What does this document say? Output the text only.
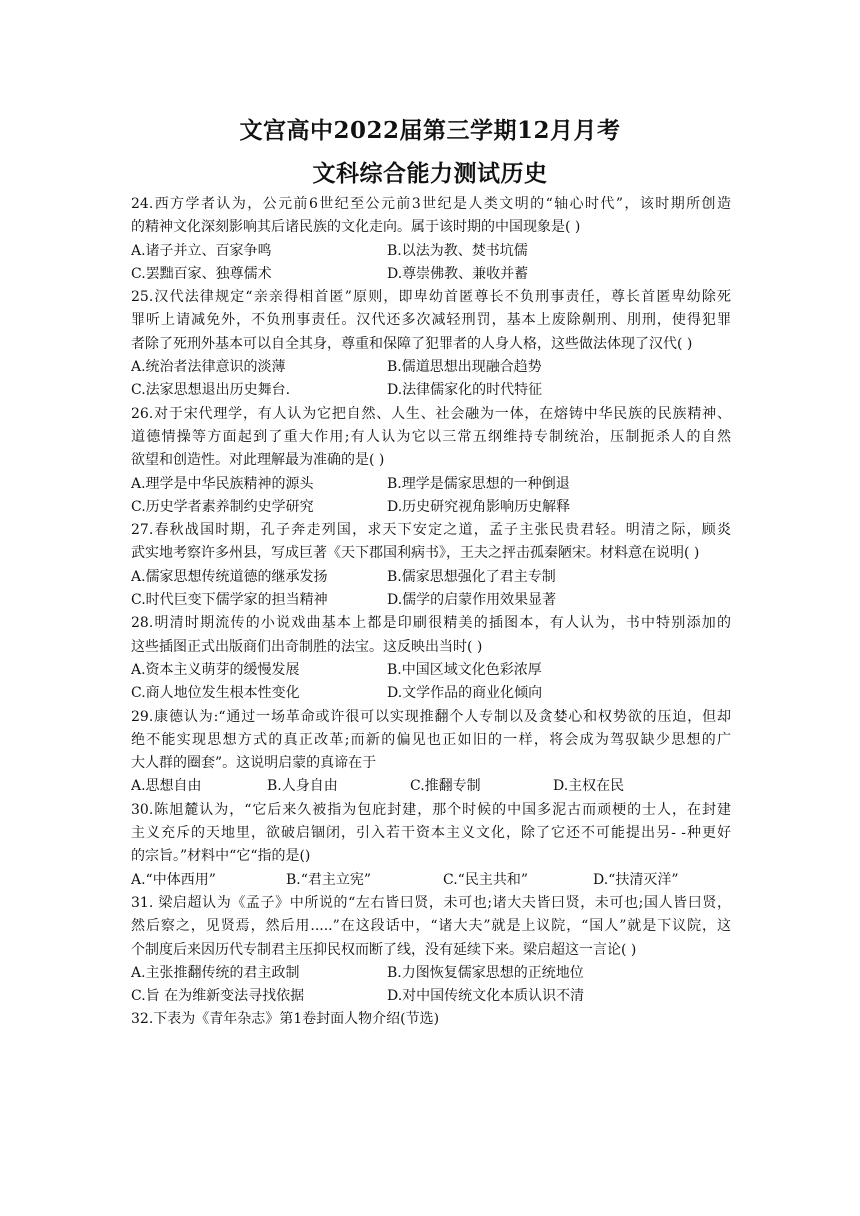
文宫高中2022届第三学期12月月考
文科综合能力测试历史
24.西方学者认为，公元前6世纪至公元前3世纪是人类文明的“轴心时代”，该时期所创造
的精神文化深刻影响其后诸民族的文化走向。属于该时期的中国现象是( )
A.诸子并立、百家争鸣	B.以法为教、焚书坑儒
C.罢黜百家、独尊儒术	D.尊崇佛教、兼收并蓄
25.汉代法律规定“亲亲得相首匿”原则，即卑幼首匿尊长不负刑事责任，尊长首匿卑幼除死
罪听上请减免外，不负刑事责任。汉代还多次减轻刑罚，基本上废除劓刑、刖刑，使得犯罪
者除了死刑外基本可以自全其身，尊重和保障了犯罪者的人身人格，这些做法体现了汉代( )
A.统治者法律意识的淡薄	B.儒道思想出现融合趋势
C.法家思想退出历史舞台.	D.法律儒家化的时代特征
26.对于宋代理学，有人认为它把自然、人生、社会融为一体，在熔铸中华民族的民族精神、
道德情操等方面起到了重大作用;有人认为它以三常五纲维持专制统治，压制扼杀人的自然
欲望和创造性。对此理解最为准确的是( )
A.理学是中华民族精神的源头	B.理学是儒家思想的一种倒退
C.历史学者素养制约史学研究	D.历史研究视角影响历史解释
27.春秋战国时期，孔子奔走列国，求天下安定之道，孟子主张民贵君轻。明清之际，顾炎
武实地考察许多州县，写成巨著《天下郡国利病书》，王夫之抨击孤秦陋宋。材料意在说明( )
A.儒家思想传统道德的继承发扬	B.儒家思想强化了君主专制
C.时代巨变下儒学家的担当精神	D.儒学的启蒙作用效果显著
28.明清时期流传的小说戏曲基本上都是印刷很精美的插图本，有人认为，书中特别添加的
这些插图正式出版商们出奇制胜的法宝。这反映出当时( )
A.资本主义萌芽的缓慢发展	B.中国区域文化色彩浓厚
C.商人地位发生根本性变化	D.文学作品的商业化倾向
29.康德认为:“通过一场革命或许很可以实现推翻个人专制以及贪婪心和权势欲的压迫，但却
绝不能实现思想方式的真正改革;而新的偏见也正如旧的一样，将会成为驾驭缺少思想的广
大人群的圈套”。这说明启蒙的真谛在于
A.思想自由	B.人身自由	C.推翻专制	D.主权在民
30.陈旭麓认为，“它后来久被指为包庇封建，那个时候的中国多泥古而顽梗的士人，在封建
主义充斥的天地里，欲破启锢闭，引入若干资本主义文化，除了它还不可能提出另- -种更好
的宗旨。”材料中“它“指的是()
A.“中体西用”	B.“君主立宪”	C.“民主共和”	D.“扶清灭洋”
31. 梁启超认为《孟子》中所说的“左右皆曰贤，未可也;诸大夫皆曰贤，未可也;国人皆曰贤，
然后察之，见贤焉，然后用.....”在这段话中，“诸大夫”就是上议院，“国人”就是下议院，这
个制度后来因历代专制君主压抑民权而断了线，没有延续下来。梁启超这一言论( )
A.主张推翻传统的君主政制	B.力图恢复儒家思想的正统地位
C.旨 在为维新变法寻找依据	D.对中国传统文化本质认识不清
32.下表为《青年杂志》第1卷封面人物介绍(节选)
